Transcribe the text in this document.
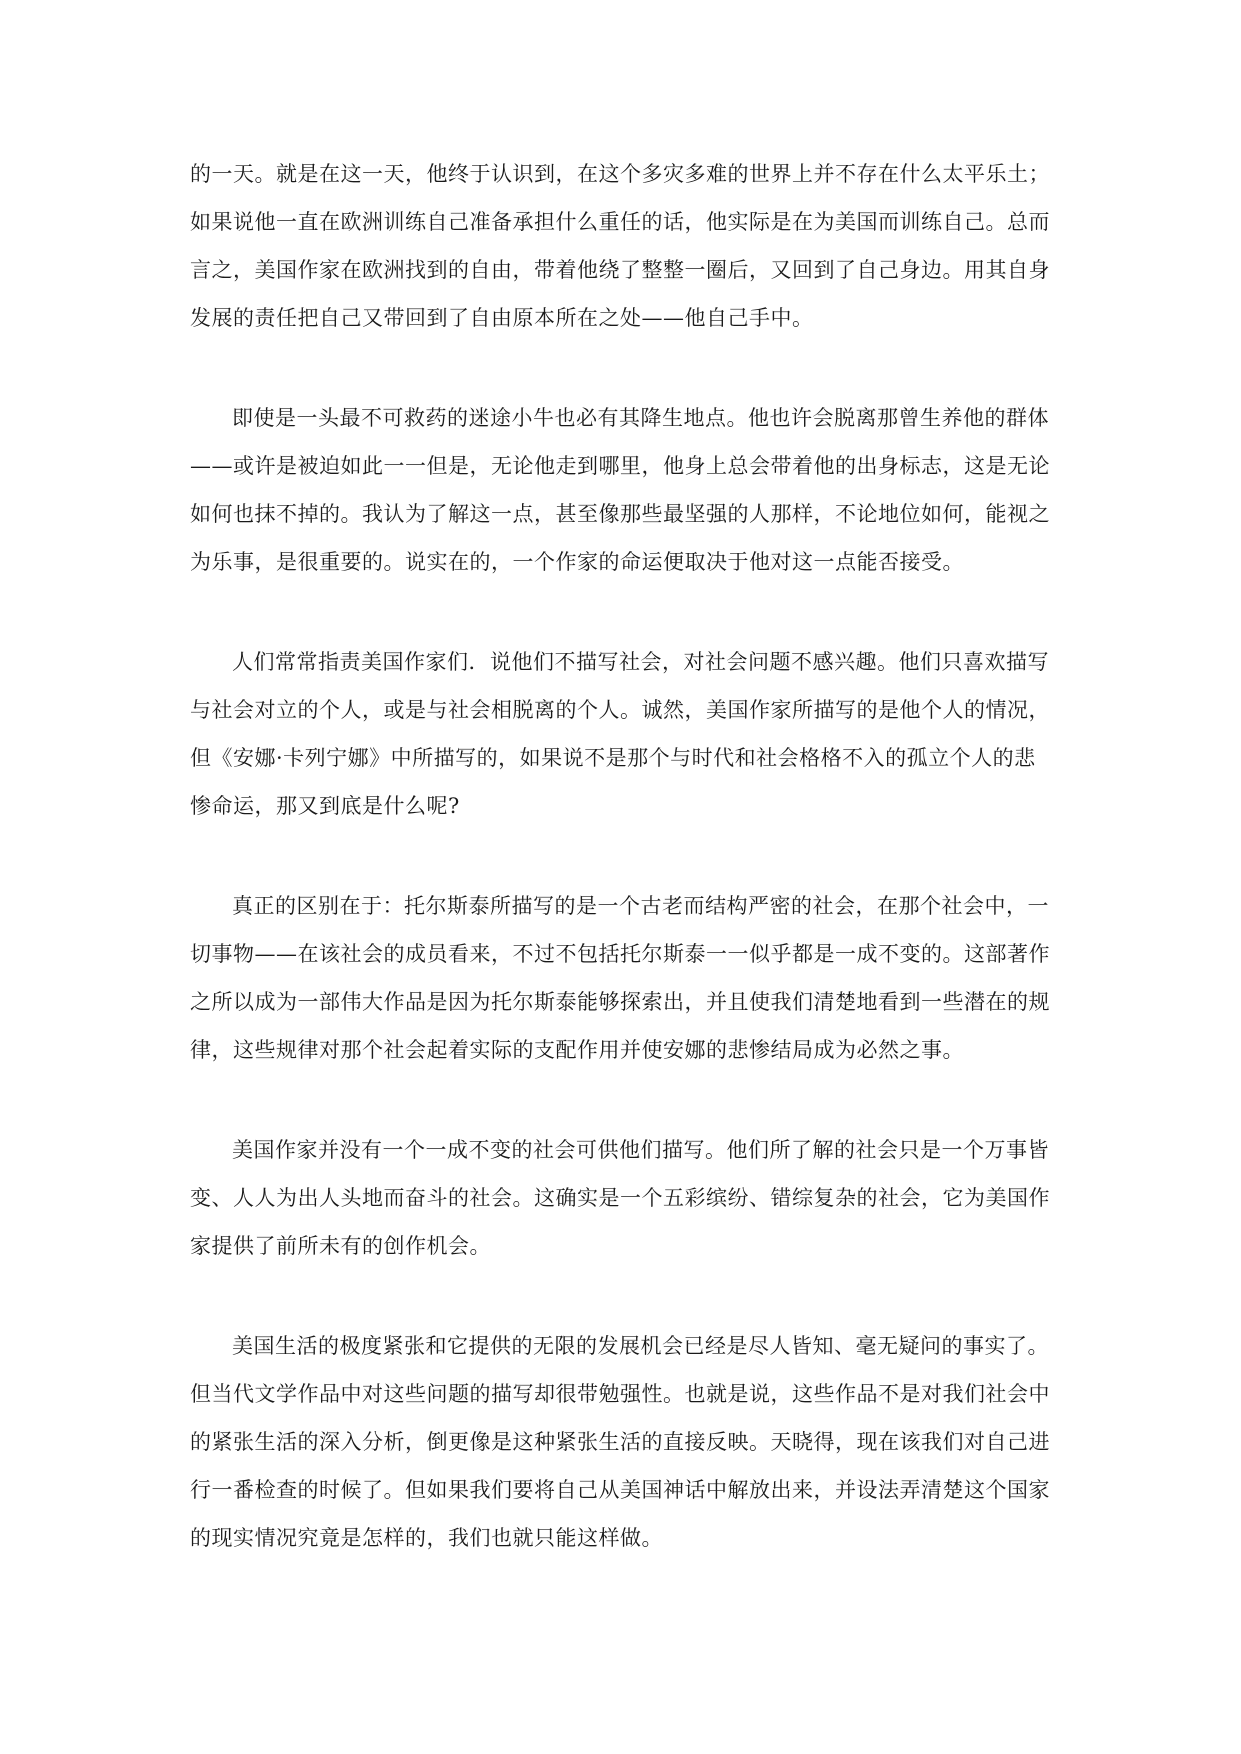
的一天。就是在这一天，他终于认识到，在这个多灾多难的世界上并不存在什么太平乐土；
如果说他一直在欧洲训练自己准备承担什么重任的话，他实际是在为美国而训练自己。总而
言之，美国作家在欧洲找到的自由，带着他绕了整整一圈后，又回到了自己身边。用其自身
发展的责任把自己又带回到了自由原本所在之处——他自己手中。

即使是一头最不可救药的迷途小牛也必有其降生地点。他也许会脱离那曾生养他的群体
——或许是被迫如此一一但是，无论他走到哪里，他身上总会带着他的出身标志，这是无论
如何也抹不掉的。我认为了解这一点，甚至像那些最坚强的人那样，不论地位如何，能视之
为乐事，是很重要的。说实在的，一个作家的命运便取决于他对这一点能否接受。

人们常常指责美国作家们．说他们不描写社会，对社会问题不感兴趣。他们只喜欢描写
与社会对立的个人，或是与社会相脱离的个人。诚然，美国作家所描写的是他个人的情况，
但《安娜·卡列宁娜》中所描写的，如果说不是那个与时代和社会格格不入的孤立个人的悲
惨命运，那又到底是什么呢?

真正的区别在于：托尔斯泰所描写的是一个古老而结构严密的社会，在那个社会中，一
切事物——在该社会的成员看来，不过不包括托尔斯泰一一似乎都是一成不变的。这部著作
之所以成为一部伟大作品是因为托尔斯泰能够探索出，并且使我们清楚地看到一些潜在的规
律，这些规律对那个社会起着实际的支配作用并使安娜的悲惨结局成为必然之事。

美国作家并没有一个一成不变的社会可供他们描写。他们所了解的社会只是一个万事皆
变、人人为出人头地而奋斗的社会。这确实是一个五彩缤纷、错综复杂的社会，它为美国作
家提供了前所未有的创作机会。

美国生活的极度紧张和它提供的无限的发展机会已经是尽人皆知、毫无疑问的事实了。
但当代文学作品中对这些问题的描写却很带勉强性。也就是说，这些作品不是对我们社会中
的紧张生活的深入分析，倒更像是这种紧张生活的直接反映。天晓得，现在该我们对自己进
行一番检查的时候了。但如果我们要将自己从美国神话中解放出来，并设法弄清楚这个国家
的现实情况究竟是怎样的，我们也就只能这样做。
